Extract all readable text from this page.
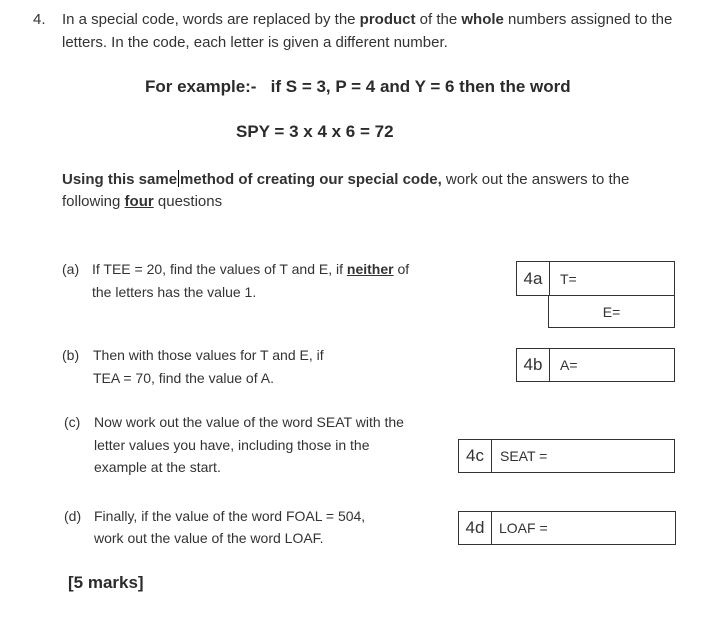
4. In a special code, words are replaced by the product of the whole numbers assigned to the
letters. In the code, each letter is given a different number.
For example:- if S = 3, P = 4 and Y = 6 then the word
SPY = 3 x 4 x 6 = 72
Using this same method of creating our special code, work out the answers to the
following four questions
(a) If TEE = 20, find the values of T and E, if neither of
the letters has the value 1.
(b) Then with those values for T and E, if
TEA = 70, find the value of A.
(c) Now work out the value of the word SEAT with the
letter values you have, including those in the
example at the start.
(d) Finally, if the value of the word FOAL = 504,
work out the value of the word LOAF.
4a	T=
E=
4b	A=
4c	SEAT =
4d	LOAF =
[5 marks]
